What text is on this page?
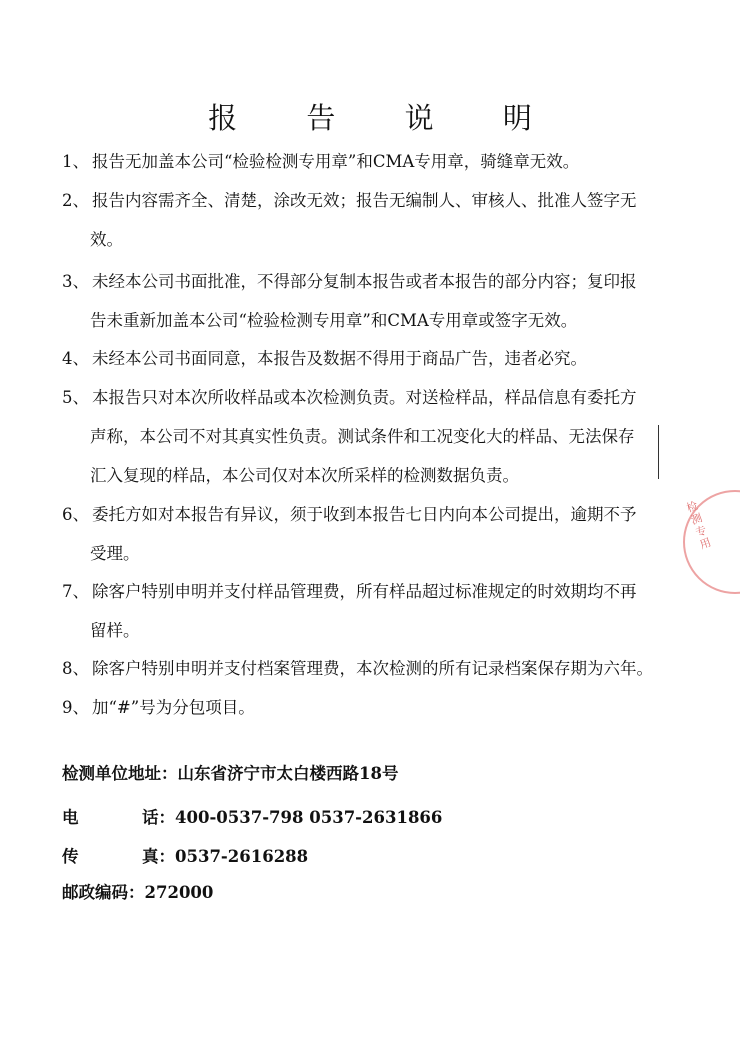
报 告 说 明
1、 报告无加盖本公司“检验检测专用章”和CMA专用章，骑缝章无效。
2、 报告内容需齐全、清楚，涂改无效；报告无编制人、审核人、批准人签字无
效。
3、 未经本公司书面批准，不得部分复制本报告或者本报告的部分内容；复印报
告未重新加盖本公司“检验检测专用章”和CMA专用章或签字无效。
4、 未经本公司书面同意，本报告及数据不得用于商品广告，违者必究。
5、 本报告只对本次所收样品或本次检测负责。对送检样品，样品信息有委托方
声称，本公司不对其真实性负责。测试条件和工况变化大的样品、无法保存
汇入复现的样品，本公司仅对本次所采样的检测数据负责。
6、 委托方如对本报告有异议，须于收到本报告七日内向本公司提出，逾期不予
受理。
7、 除客户特别申明并支付样品管理费，所有样品超过标准规定的时效期均不再
留样。
8、 除客户特别申明并支付档案管理费，本次检测的所有记录档案保存期为六年。
9、 加“#”号为分包项目。
检测单位地址：山东省济宁市太白楼西路18号
电	话：400-0537-798 0537-2631866
传	真：0537-2616288
邮政编码：272000
检测专用
